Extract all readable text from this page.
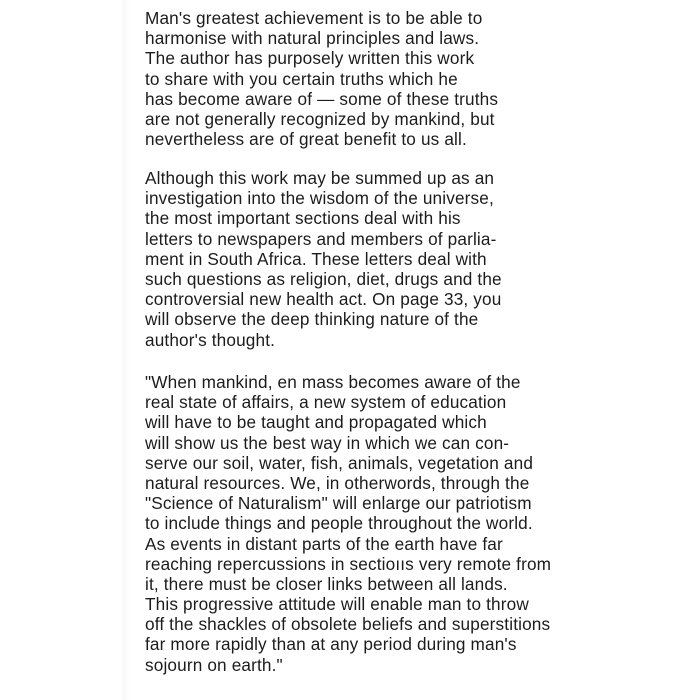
Man's greatest achievement is to be able to
harmonise with natural principles and laws.
The author has purposely written this work
to share with you certain truths which he
has become aware of — some of these truths
are not generally recognized by mankind, but
nevertheless are of great benefit to us all.
Although this work may be summed up as an
investigation into the wisdom of the universe,
the most important sections deal with his
letters to newspapers and members of parlia-
ment in South Africa. These letters deal with
such questions as religion, diet, drugs and the
controversial new health act. On page 33, you
will observe the deep thinking nature of the
author's thought.
"When mankind, en mass becomes aware of the
real state of affairs, a new system of education
will have to be taught and propagated which
will show us the best way in which we can con-
serve our soil, water, fish, animals, vegetation and
natural resources. We, in otherwords, through the
"Science of Naturalism" will enlarge our patriotism
to include things and people throughout the world.
As events in distant parts of the earth have far
reaching repercussions in sectioııs very remote from
it, there must be closer links between all lands.
This progressive attitude will enable man to throw
off the shackles of obsolete beliefs and superstitions
far more rapidly than at any period during man's
sojourn on earth."
